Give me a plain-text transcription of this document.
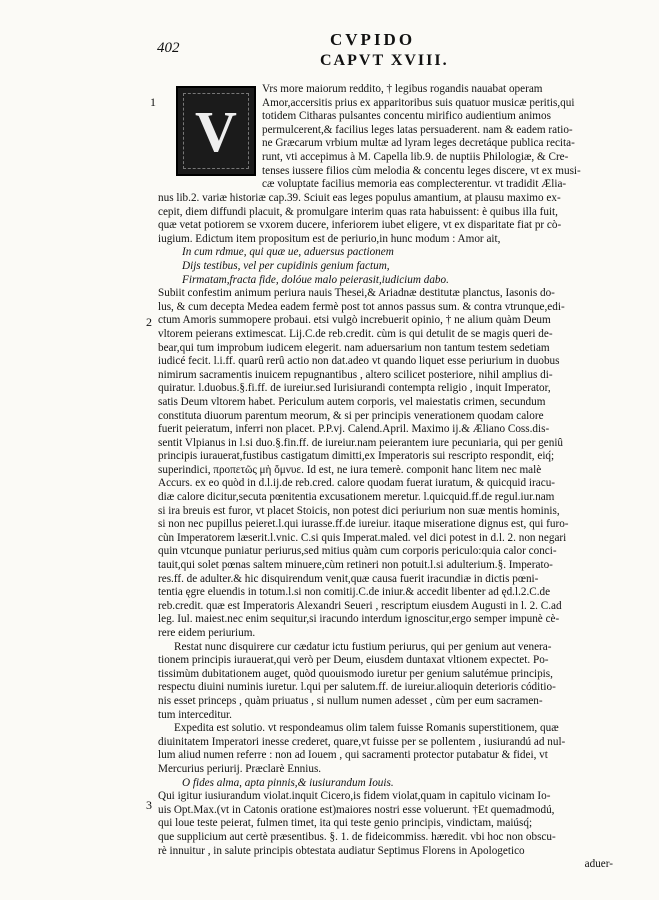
402	CVPIDO
CAPVT XVIII.
1
2
3
V
Vrs more maiorum reddito, † legibus rogandis nauabat operam
Amor,accersitis prius ex apparitoribus suis quatuor musicæ peritis,qui
totidem Citharas pulsantes concentu mirifico audientium animos
permulcerent,& facilius leges latas persuaderent. nam & eadem ratio-
ne Græcarum vrbium multæ ad lyram leges decretáque publica recita-
runt, vti accepimus à M. Capella lib.9. de nuptiis Philologiæ, & Cre-
tenses iussere filios cùm melodia & concentu leges discere, vt ex musi-
cæ voluptate facilius memoria eas complecterentur. vt tradidit Ælia-
nus lib.2. variæ historiæ cap.39. Sciuit eas leges populus amantium, at plausu maximo ex-
cepit, diem diffundi placuit, & promulgare interim quas rata habuissent: è quibus illa fuit,
quæ vetat potiorem se vxorem ducere, inferiorem iubet eligere, vt ex disparitate fiat pr cò-
iugium. Edictum item propositum est de periurio,in hunc modum : Amor ait,
In cum rdmue, qui quæ ue, aduersus pactionem
Dijs testibus, vel per cupidinis genium factum,
Firmatam,fracta fide, dolóue malo peierasit,iudicium dabo.
Subiit confestim animum periura nauis Thesei,& Ariadnæ destitutæ planctus, Iasonis do-
lus, & cum decepta Medea eadem fermè post tot annos passus sum. & contra vtrunque,edi-
ctum Amoris summopere probaui. etsi vulgò increbuerit opinio, † ne alium quàm Deum
vltorem peierans extimescat. Lij.C.de reb.credit. cùm is qui detulit de se magis queri de-
bear,qui tum improbum iudicem elegerit. nam aduersarium non tantum testem sedetiam
iudicé fecit. l.i.ff. quarû rerû actio non dat.adeo vt quando liquet esse periurium in duobus
nimirum sacramentis inuicem repugnantibus , altero scilicet posteriore, nihil amplius di-
quiratur. l.duobus.§.fi.ff. de iureiur.sed Iurisiurandi contempta religio , inquit Imperator,
satis Deum vltorem habet. Periculum autem corporis, vel maiestatis crimen, secundum
constituta diuorum parentum meorum, & si per principis venerationem quodam calore
fuerit peieratum, inferri non placet. P.P.vj. Calend.April. Maximo ij.& Æliano Coss.dis-
sentit Vlpianus in l.si duo.§.fin.ff. de iureiur.nam peierantem iure pecuniaria, qui per geniû
principis iurauerat,fustibus castigatum dimitti,ex Imperatoris sui rescripto respondit, eiq́;
superindici, προπετῶς μὴ ὄμνυε. Id est, ne iura temerè. componit hanc litem nec malè
Accurs. ex eo quòd in d.l.ij.de reb.cred. calore quodam fuerat iuratum, & quicquid iracu-
diæ calore dicitur,secuta pœnitentia excusationem meretur. l.quicquid.ff.de regul.iur.nam
si ira breuis est furor, vt placet Stoicis, non potest dici periurium non suæ mentis hominis,
si non nec pupillus peieret.l.qui iurasse.ff.de iureiur. itaque miseratione dignus est, qui furo-
cùn Imperatorem læserit.l.vnic. C.si quis Imperat.maled. vel dici potest in d.l. 2. non negari
quin vtcunque puniatur periurus,sed mitius quàm cum corporis periculo:quia calor conci-
tauit,qui solet pœnas saltem minuere,cùm retineri non potuit.l.si adulterium.§. Imperato-
res.ff. de adulter.& hic disquirendum venit,quæ causa fuerit iracundiæ in dictis pœni-
tentia ęgre eluendis in totum.l.si non comitij.C.de iniur.& accedit libenter ad ęd.l.2.C.de
reb.credit. quæ est Imperatoris Alexandri Seueri , rescriptum eiusdem Augusti in l. 2. C.ad
leg. Iul. maiest.nec enim sequitur,si iracundo interdum ignoscitur,ergo semper impunè cè-
rere eidem periurium.
Restat nunc disquirere cur cædatur ictu fustium periurus, qui per genium aut venera-
tionem principis iurauerat,qui verò per Deum, eiusdem duntaxat vltionem expectet. Po-
tissimùm dubitationem auget, quòd quouismodo iuretur per genium salutémue principis,
respectu diuini numinis iuretur. l.qui per salutem.ff. de iureiur.alioquin deterioris códitio-
nis esset princeps , quàm priuatus , si nullum numen adesset , cùm per eum sacramen-
tum interceditur.
Expedita est solutio. vt respondeamus olim talem fuisse Romanis superstitionem, quæ
diuinitatem Imperatori inesse crederet, quare,vt fuisse per se pollentem , iusiurandú ad nul-
lum aliud numen referre : non ad Iouem , qui sacramenti protector putabatur & fidei, vt
Mercurius periurij. Præclarè Ennius.
O fides alma, apta pinnis,& iusiurandum Iouis.
Qui igitur iusiurandum violat.inquit Cicero,is fidem violat,quam in capitulo vicinam Io-
uis Opt.Max.(vt in Catonis oratione est)maiores nostri esse voluerunt. †Et quemadmodú,
qui loue teste peierat, fulmen timet, ita qui teste genio principis, vindictam, maiúsq́;
que supplicium aut certè præsentibus. §. 1. de fideicommiss. hæredit. vbi hoc non obscu-
rè innuitur , in salute principis obtestata audiatur Septimus Florens in Apologetico
aduer-
